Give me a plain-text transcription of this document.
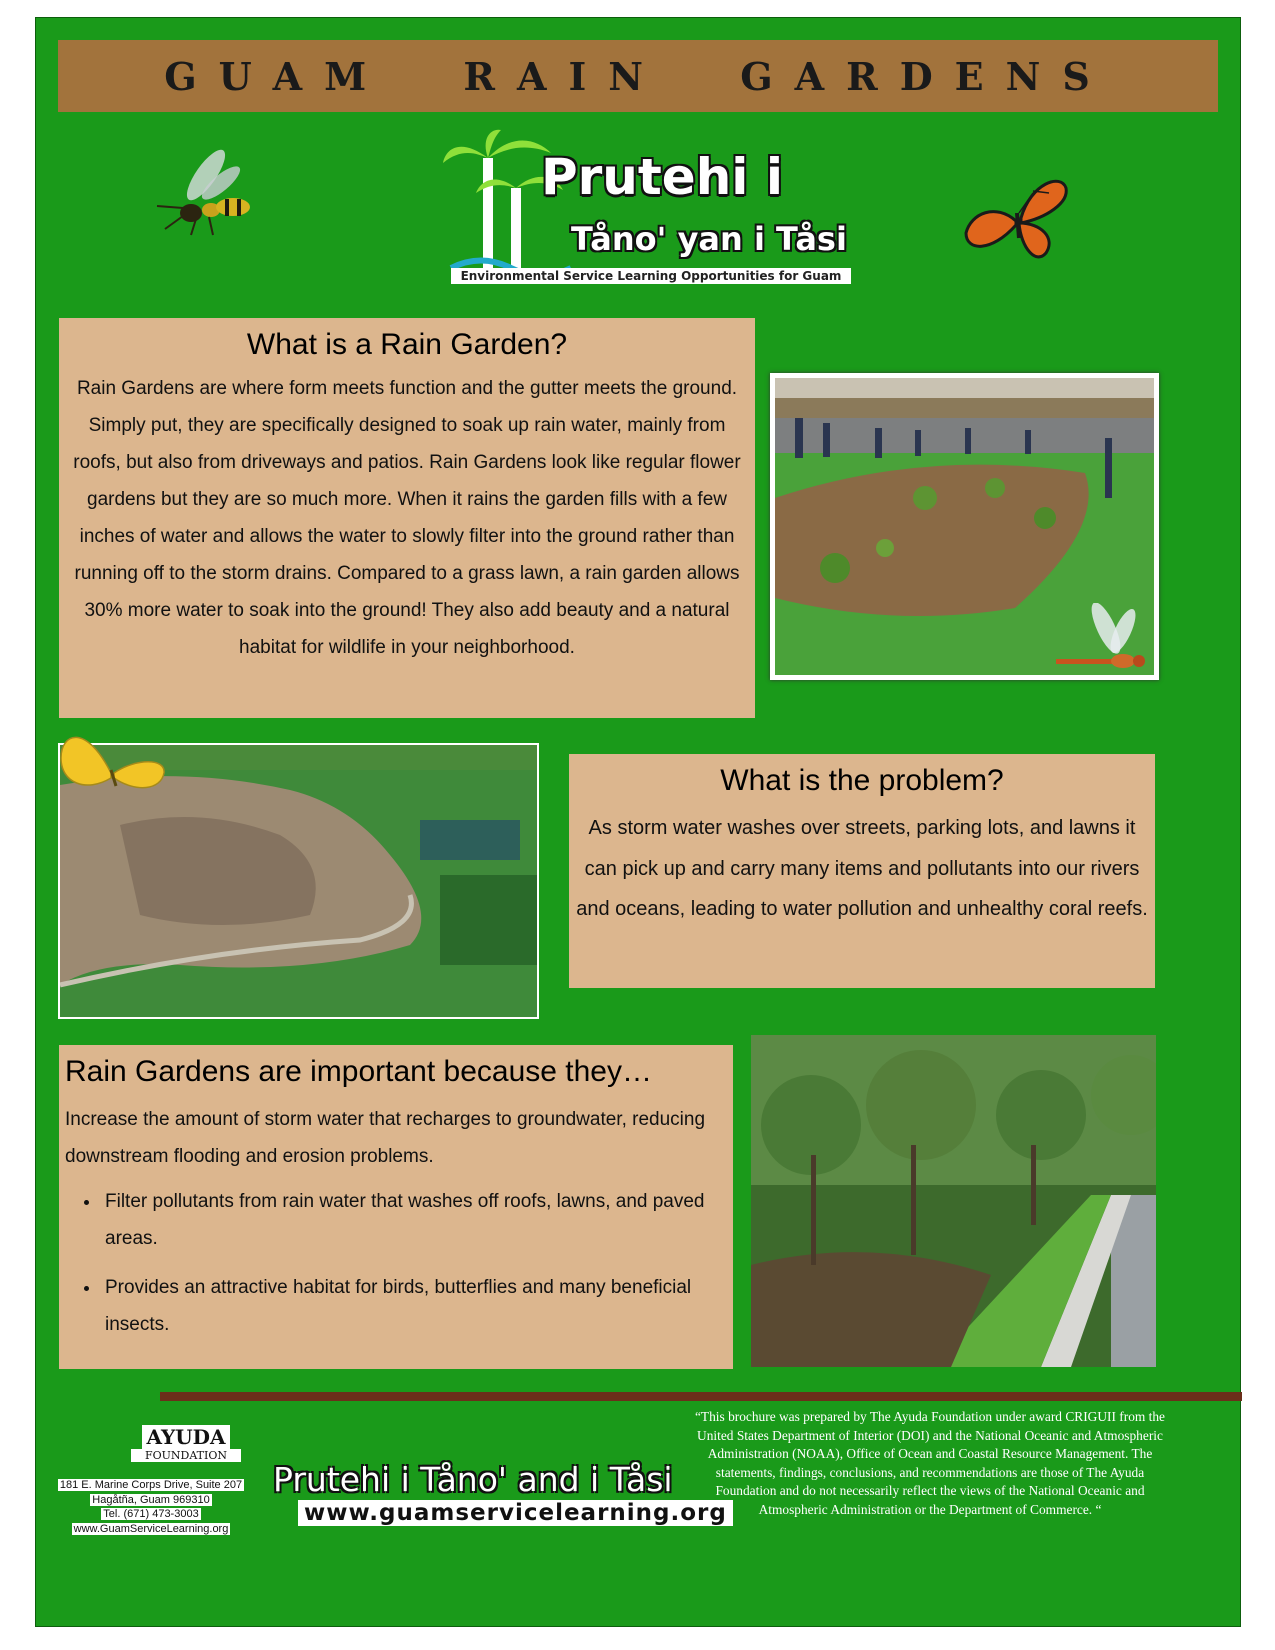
GUAM RAIN GARDENS
Prutehi i
Tåno' yan i Tåsi
Environmental Service Learning Opportunities for Guam
What is a Rain Garden?

Rain Gardens are where form meets function and the gutter meets the ground. Simply put, they are specifically designed to soak up rain water, mainly from roofs, but also from driveways and patios. Rain Gardens look like regular flower gardens but they are so much more. When it rains the garden fills with a few inches of water and allows the water to slowly filter into the ground rather than running off to the storm drains. Compared to a grass lawn, a rain garden allows 30% more water to soak into the ground! They also add beauty and a natural habitat for wildlife in your neighborhood.

What is the problem?

As storm water washes over streets, parking lots, and lawns it can pick up and carry many items and pollutants into our rivers and oceans, leading to water pollution and unhealthy coral reefs.

Rain Gardens are important because they…

Increase the amount of storm water that recharges to groundwater, reducing downstream flooding and erosion problems.

• Filter pollutants from rain water that washes off roofs, lawns, and paved areas.
• Provides an attractive habitat for birds, butterflies and many beneficial insects.
AYUDA
FOUNDATION
181 E. Marine Corps Drive, Suite 207
Hagåtña, Guam 969310
Tel. (671) 473-3003
www.GuamServiceLearning.org
Prutehi i Tåno' and i Tåsi
www.guamservicelearning.org
“This brochure was prepared by The Ayuda Foundation under award CRIGUII from the United States Department of Interior (DOI) and the National Oceanic and Atmospheric Administration (NOAA), Office of Ocean and Coastal Resource Management. The statements, findings, conclusions, and recommendations are those of The Ayuda Foundation and do not necessarily reflect the views of the National Oceanic and Atmospheric Administration or the Department of Commerce. “
